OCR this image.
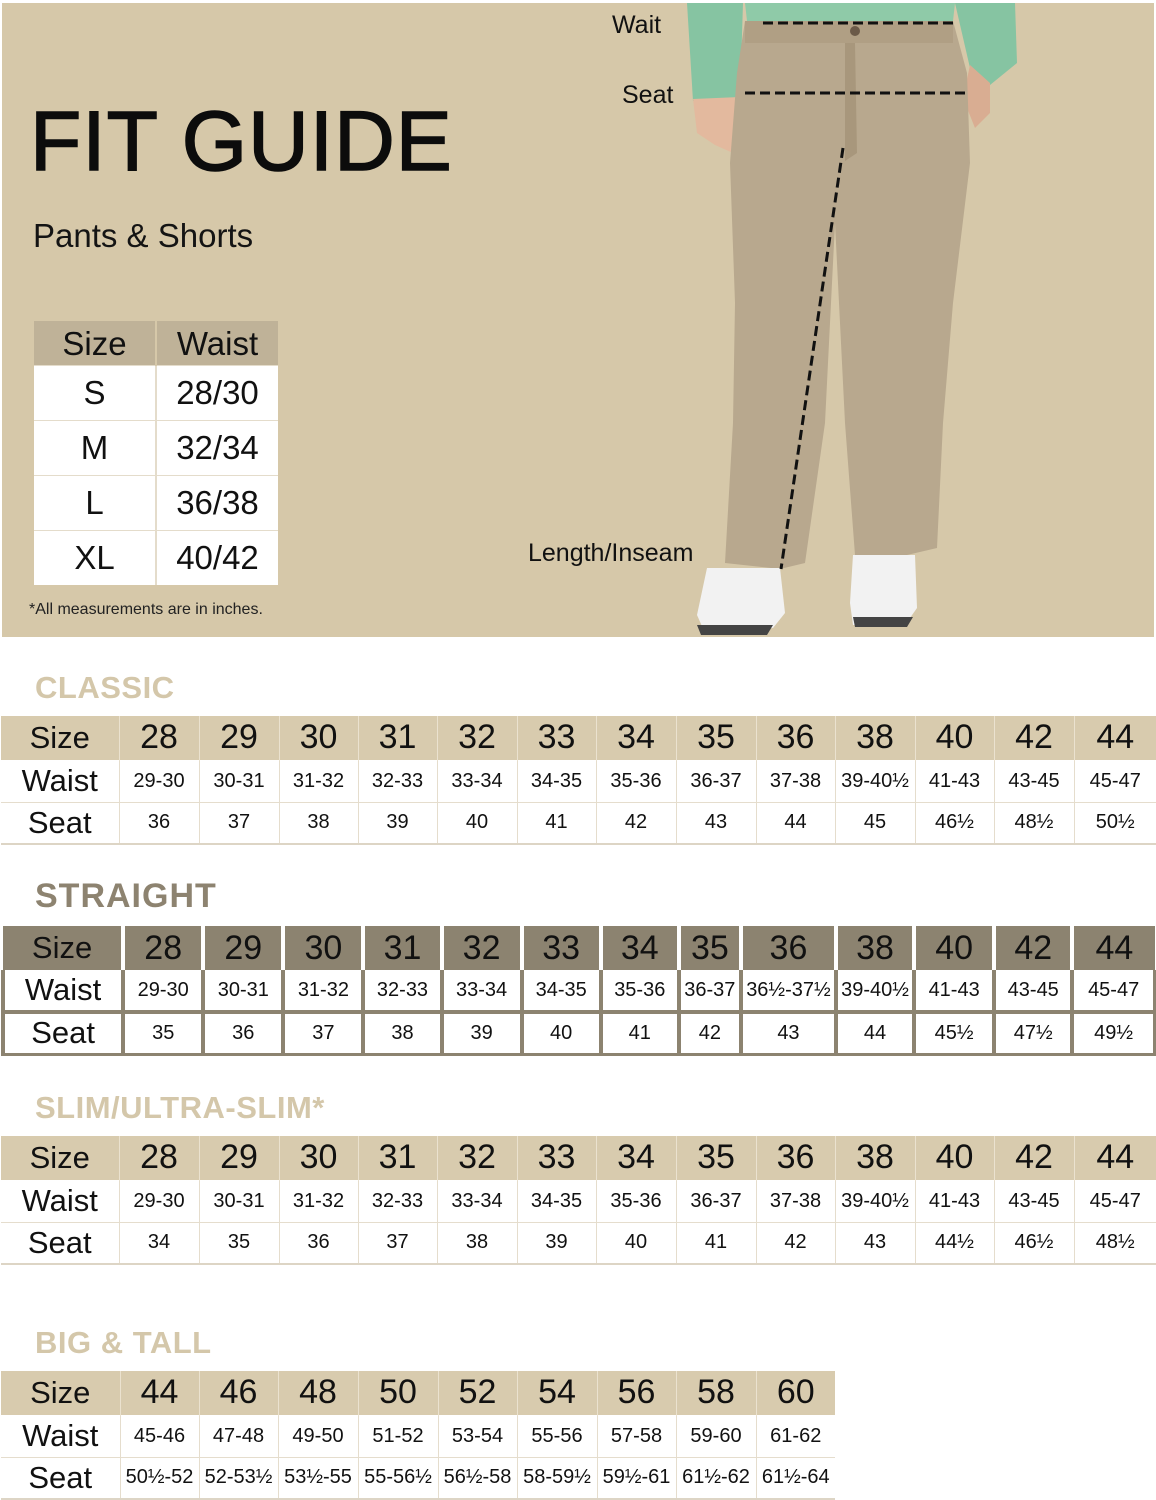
FIT GUIDE
Pants & Shorts
Size	Waist
S	28/30
M	32/34
L	36/38
XL	40/42
*All measurements are in inches.
Wait
Seat
Length/Inseam
CLASSIC
Size	28	29	30	31	32	33	34	35	36	38	40	42	44
Waist	29-30	30-31	31-32	32-33	33-34	34-35	35-36	36-37	37-38	39-40½	41-43	43-45	45-47
Seat	36	37	38	39	40	41	42	43	44	45	46½	48½	50½
STRAIGHT
Size	28	29	30	31	32	33	34	35	36	38	40	42	44
Waist	29-30	30-31	31-32	32-33	33-34	34-35	35-36	36-37	36½-37½	39-40½	41-43	43-45	45-47
Seat	35	36	37	38	39	40	41	42	43	44	45½	47½	49½
SLIM/ULTRA-SLIM*
Size	28	29	30	31	32	33	34	35	36	38	40	42	44
Waist	29-30	30-31	31-32	32-33	33-34	34-35	35-36	36-37	37-38	39-40½	41-43	43-45	45-47
Seat	34	35	36	37	38	39	40	41	42	43	44½	46½	48½
BIG & TALL
Size	44	46	48	50	52	54	56	58	60
Waist	45-46	47-48	49-50	51-52	53-54	55-56	57-58	59-60	61-62
Seat	50½-52	52-53½	53½-55	55-56½	56½-58	58-59½	59½-61	61½-62	61½-64
